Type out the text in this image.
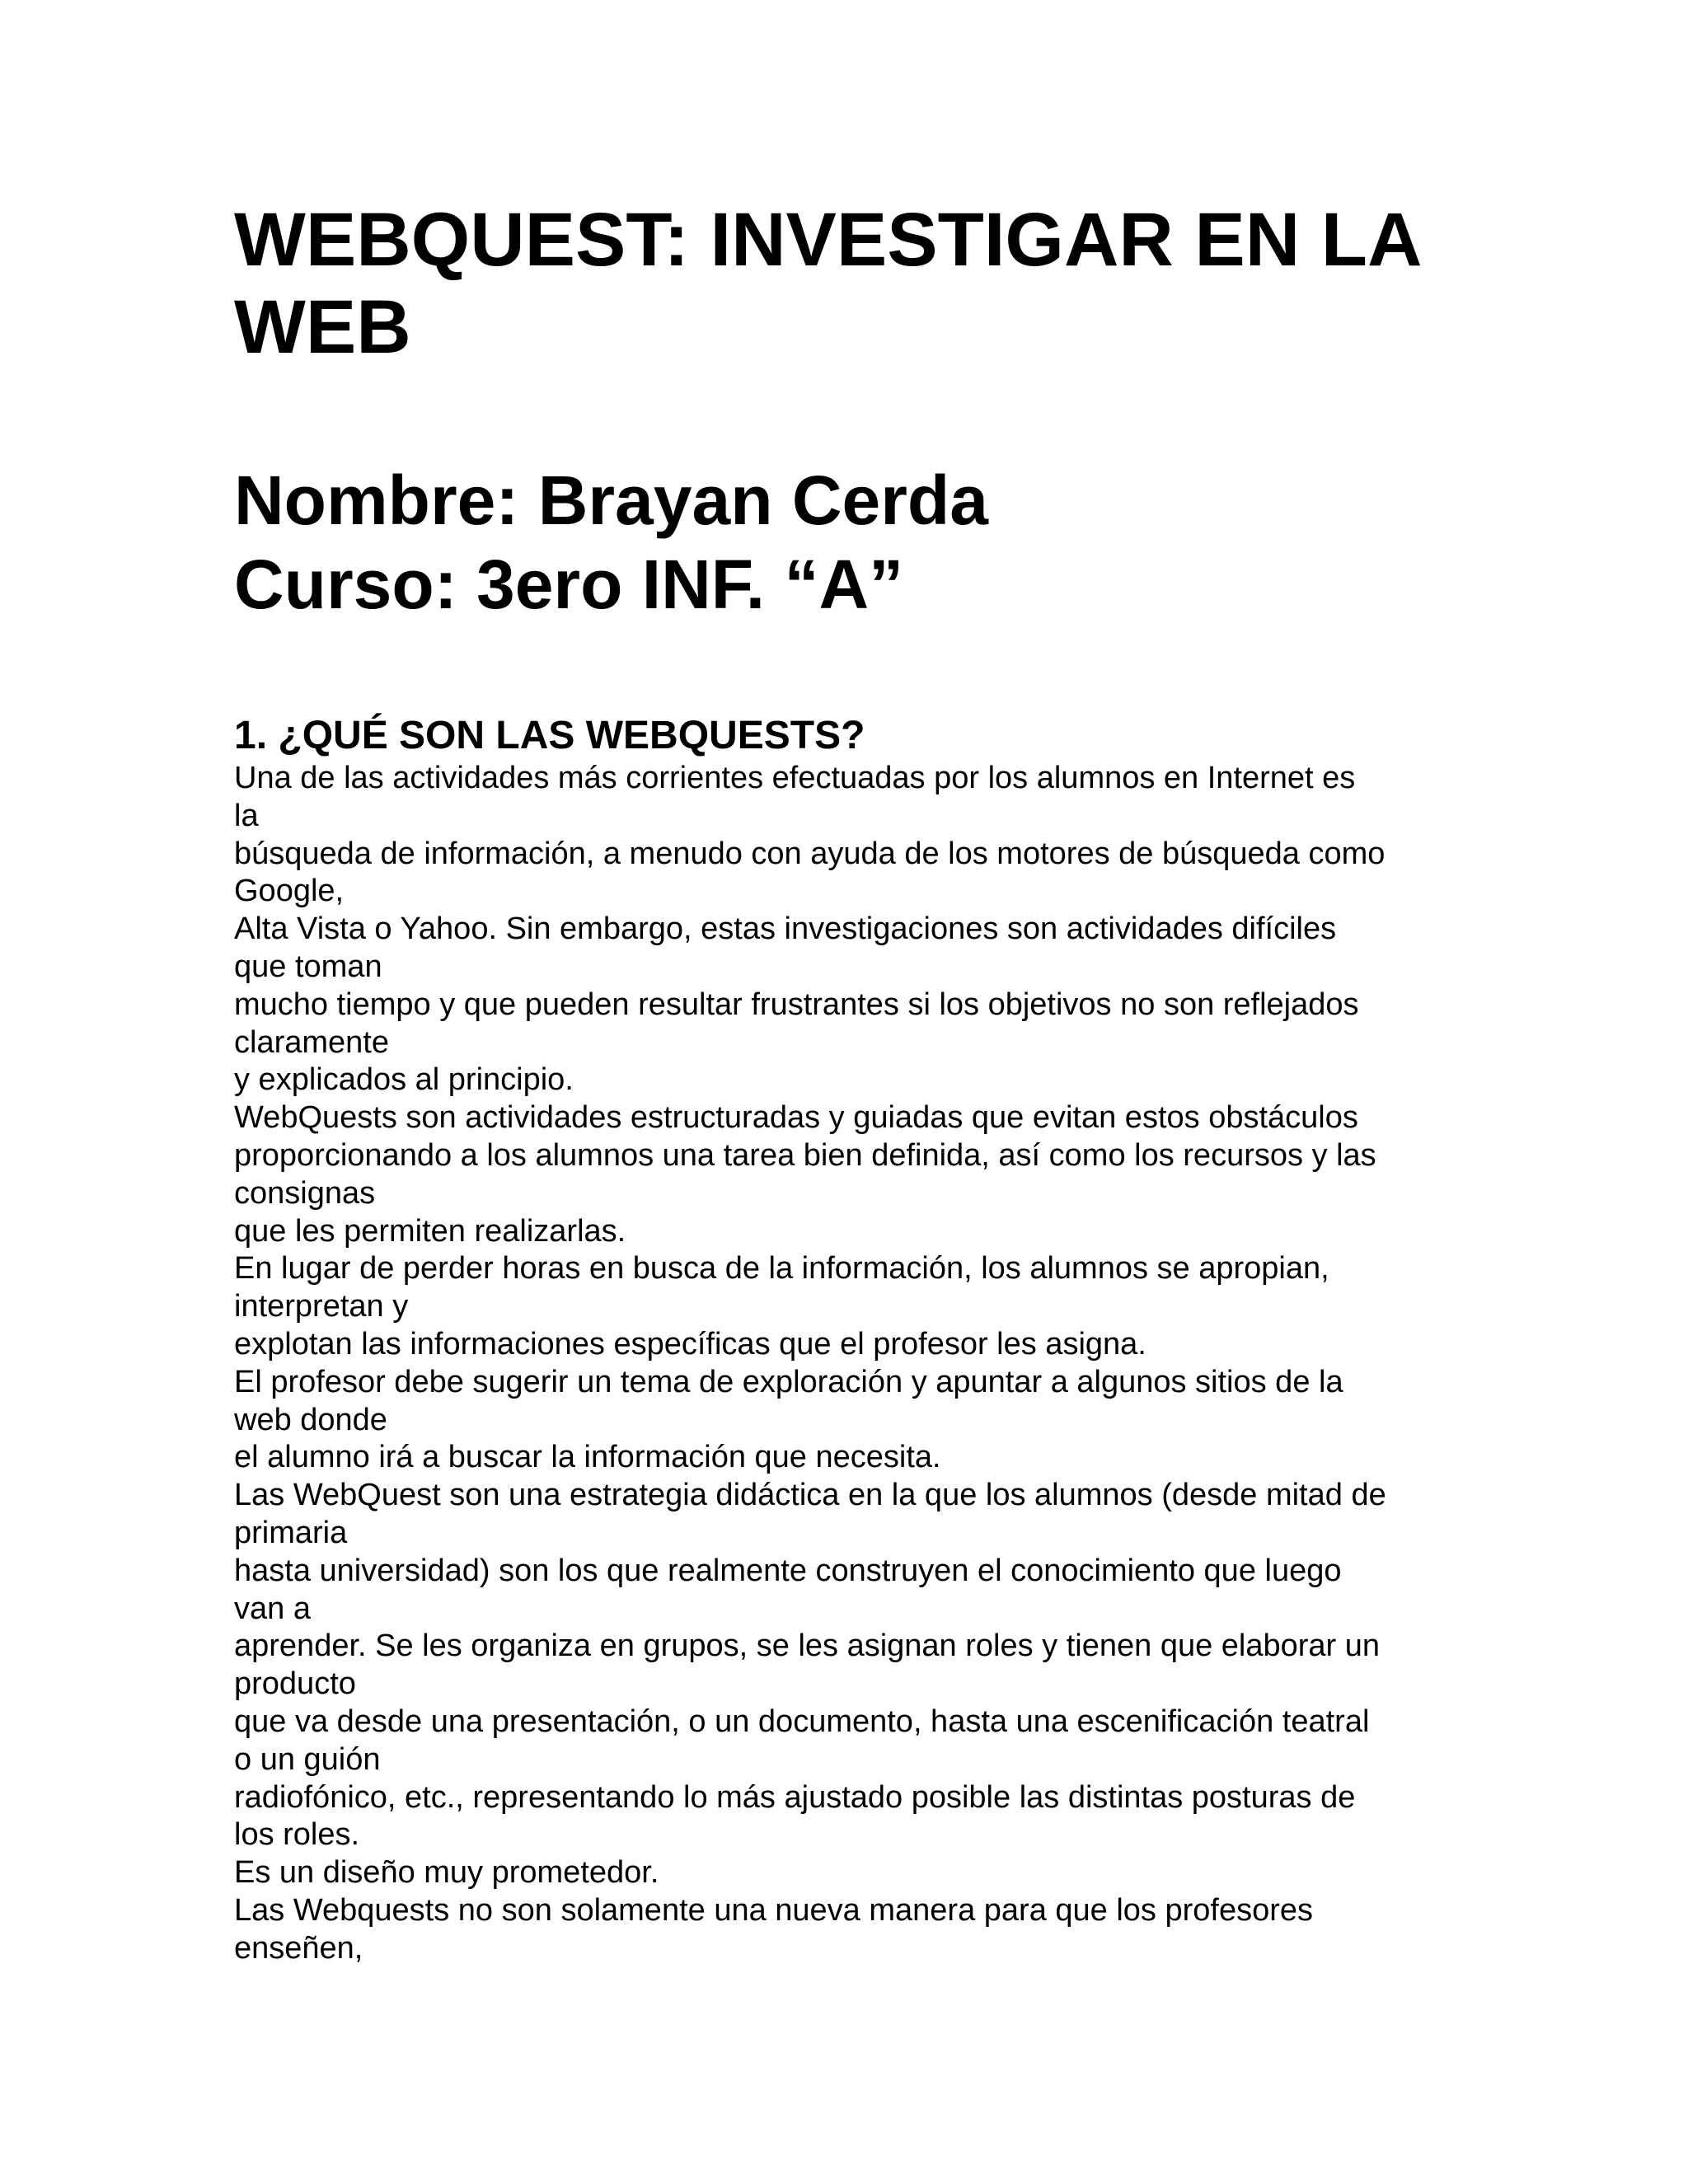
WEBQUEST: INVESTIGAR EN LA
WEB
Nombre: Brayan Cerda
Curso: 3ero INF. “A”
1. ¿QUÉ SON LAS WEBQUESTS?

Una de las actividades más corrientes efectuadas por los alumnos en Internet es

la

búsqueda de información, a menudo con ayuda de los motores de búsqueda como

Google,

Alta Vista o Yahoo. Sin embargo, estas investigaciones son actividades difíciles

que toman

mucho tiempo y que pueden resultar frustrantes si los objetivos no son reflejados

claramente

y explicados al principio.

WebQuests son actividades estructuradas y guiadas que evitan estos obstáculos

proporcionando a los alumnos una tarea bien definida, así como los recursos y las

consignas

que les permiten realizarlas.

En lugar de perder horas en busca de la información, los alumnos se apropian,

interpretan y

explotan las informaciones específicas que el profesor les asigna.

El profesor debe sugerir un tema de exploración y apuntar a algunos sitios de la

web donde

el alumno irá a buscar la información que necesita.

Las WebQuest son una estrategia didáctica en la que los alumnos (desde mitad de

primaria

hasta universidad) son los que realmente construyen el conocimiento que luego

van a

aprender. Se les organiza en grupos, se les asignan roles y tienen que elaborar un

producto

que va desde una presentación, o un documento, hasta una escenificación teatral

o un guión

radiofónico, etc., representando lo más ajustado posible las distintas posturas de

los roles.

Es un diseño muy prometedor.

Las Webquests no son solamente una nueva manera para que los profesores

enseñen,
